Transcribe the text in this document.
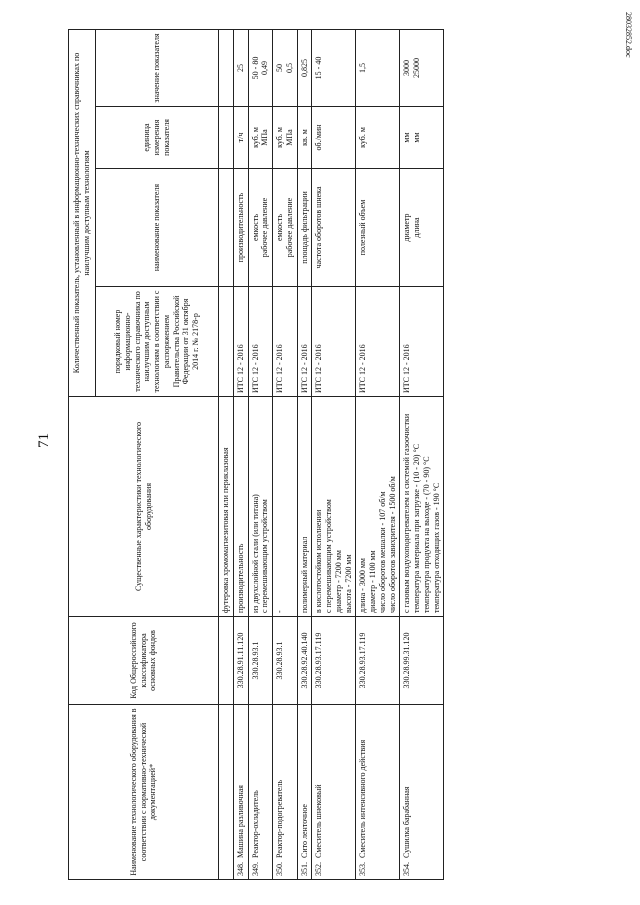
71
28032852.doc
Наименование технологического оборудования в соответствии с нормативно-технической документацией*	Код Общероссийского классификатора основных фондов	Существенные характеристики технологического оборудования	Количественный показатель, установленный в информационно-технических справочниках по наилучшим доступным технологиям			
			порядковый номер информационно-технического справочника по наилучшим доступным технологиям в соответствии с распоряжением Правительства Российской Федерации от 31 октября 2014 г. № 2178-р	наименование показателя	единица измерения показателя	значение показателя
		футеровка хромомагнезитовая или периклазовая				
348.  Машина разливочная	330.28.91.11.120	производительность	ИТС 12 - 2016	производительность	т/ч	25

349.  Реактор-охладитель	330.28.93.1	из двухслойной стали (или титана) с перемешивающим устройством	ИТС 12 - 2016	емкость рабочее давление	куб. м МПа	50 - 80 0,49

350.  Реактор-подогреватель	330.28.93.1	-	ИТС 12 - 2016	емкость рабочее давление	куб. м МПа	50 0,5

351.  Сито ленточное	330.28.92.40.140	полимерный материал	ИТС 12 - 2016	площадь фильтрации	кв. м	0,825

352.  Смеситель шнековый	330.28.93.17.119	в кислотостойком исполнении с перемешивающим устройством диаметр - 7200 мм высота - 7200 мм	ИТС 12 - 2016	частота оборотов шнека	об./мин	15 - 40

353.  Смеситель интенсивного действия	330.28.93.17.119	длина - 3000 мм диаметр - 1100 мм число оборотов мешалки - 107 об/м число оборотов завихрителя - 1500 об/м	ИТС 12 - 2016	полезный объем	куб. м	1,5

354.  Сушилка барабанная	330.28.99.31.120	с газовым воздухоподогревателем и системой газоочистки температура материала при загрузке - (10 - 20) °С температура продукта на выходе - (70 - 90) °С температура отходящих газов - 190 °С	ИТС 12 - 2016	диаметр длина	мм мм	3000 25000
